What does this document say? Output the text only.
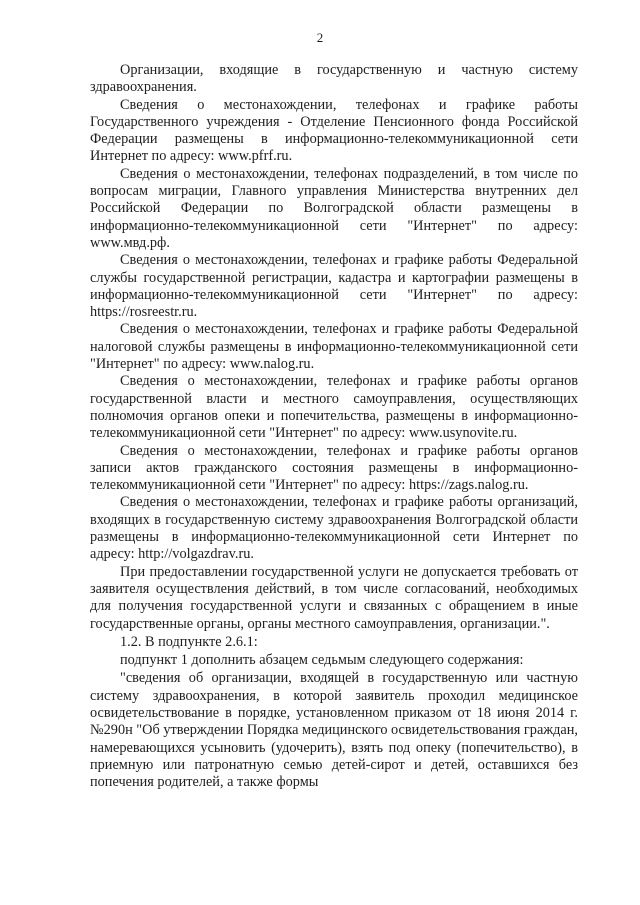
2

Организации, входящие в государственную и частную систему здравоохранения.

Сведения о местонахождении, телефонах и графике работы Государственного учреждения - Отделение Пенсионного фонда Российской Федерации размещены в информационно-телекоммуникационной сети Интернет по адресу: www.pfrf.ru.

Сведения о местонахождении, телефонах подразделений, в том числе по вопросам миграции, Главного управления Министерства внутренних дел Российской Федерации по Волгоградской области размещены в информационно-телекоммуникационной сети "Интернет" по адресу: www.мвд.рф.

Сведения о местонахождении, телефонах и графике работы Федеральной службы государственной регистрации, кадастра и картографии размещены в информационно-телекоммуникационной сети "Интернет" по адресу: https://rosreestr.ru.

Сведения о местонахождении, телефонах и графике работы Федеральной налоговой службы размещены в информационно-телекоммуникационной сети "Интернет" по адресу: www.nalog.ru.

Сведения о местонахождении, телефонах и графике работы органов государственной власти и местного самоуправления, осуществляющих полномочия органов опеки и попечительства, размещены в информационно-телекоммуникационной сети "Интернет" по адресу: www.usynovite.ru.

Сведения о местонахождении, телефонах и графике работы органов записи актов гражданского состояния размещены в информационно-телекоммуникационной сети "Интернет" по адресу: https://zags.nalog.ru.

Сведения о местонахождении, телефонах и графике работы организаций, входящих в государственную систему здравоохранения Волгоградской области размещены в информационно-телекоммуникационной сети Интернет по адресу: http://volgazdrav.ru.

При предоставлении государственной услуги не допускается требовать от заявителя осуществления действий, в том числе согласований, необходимых для получения государственной услуги и связанных с обращением в иные государственные органы, органы местного самоуправления, организации.".

1.2. В подпункте 2.6.1:

подпункт 1 дополнить абзацем седьмым следующего содержания:

"сведения об организации, входящей в государственную или частную систему здравоохранения, в которой заявитель проходил медицинское освидетельствование в порядке, установленном приказом от 18 июня 2014 г. №290н "Об утверждении Порядка медицинского освидетельствования граждан, намеревающихся усыновить (удочерить), взять под опеку (попечительство), в приемную или патронатную семью детей-сирот и детей, оставшихся без попечения родителей, а также формы
